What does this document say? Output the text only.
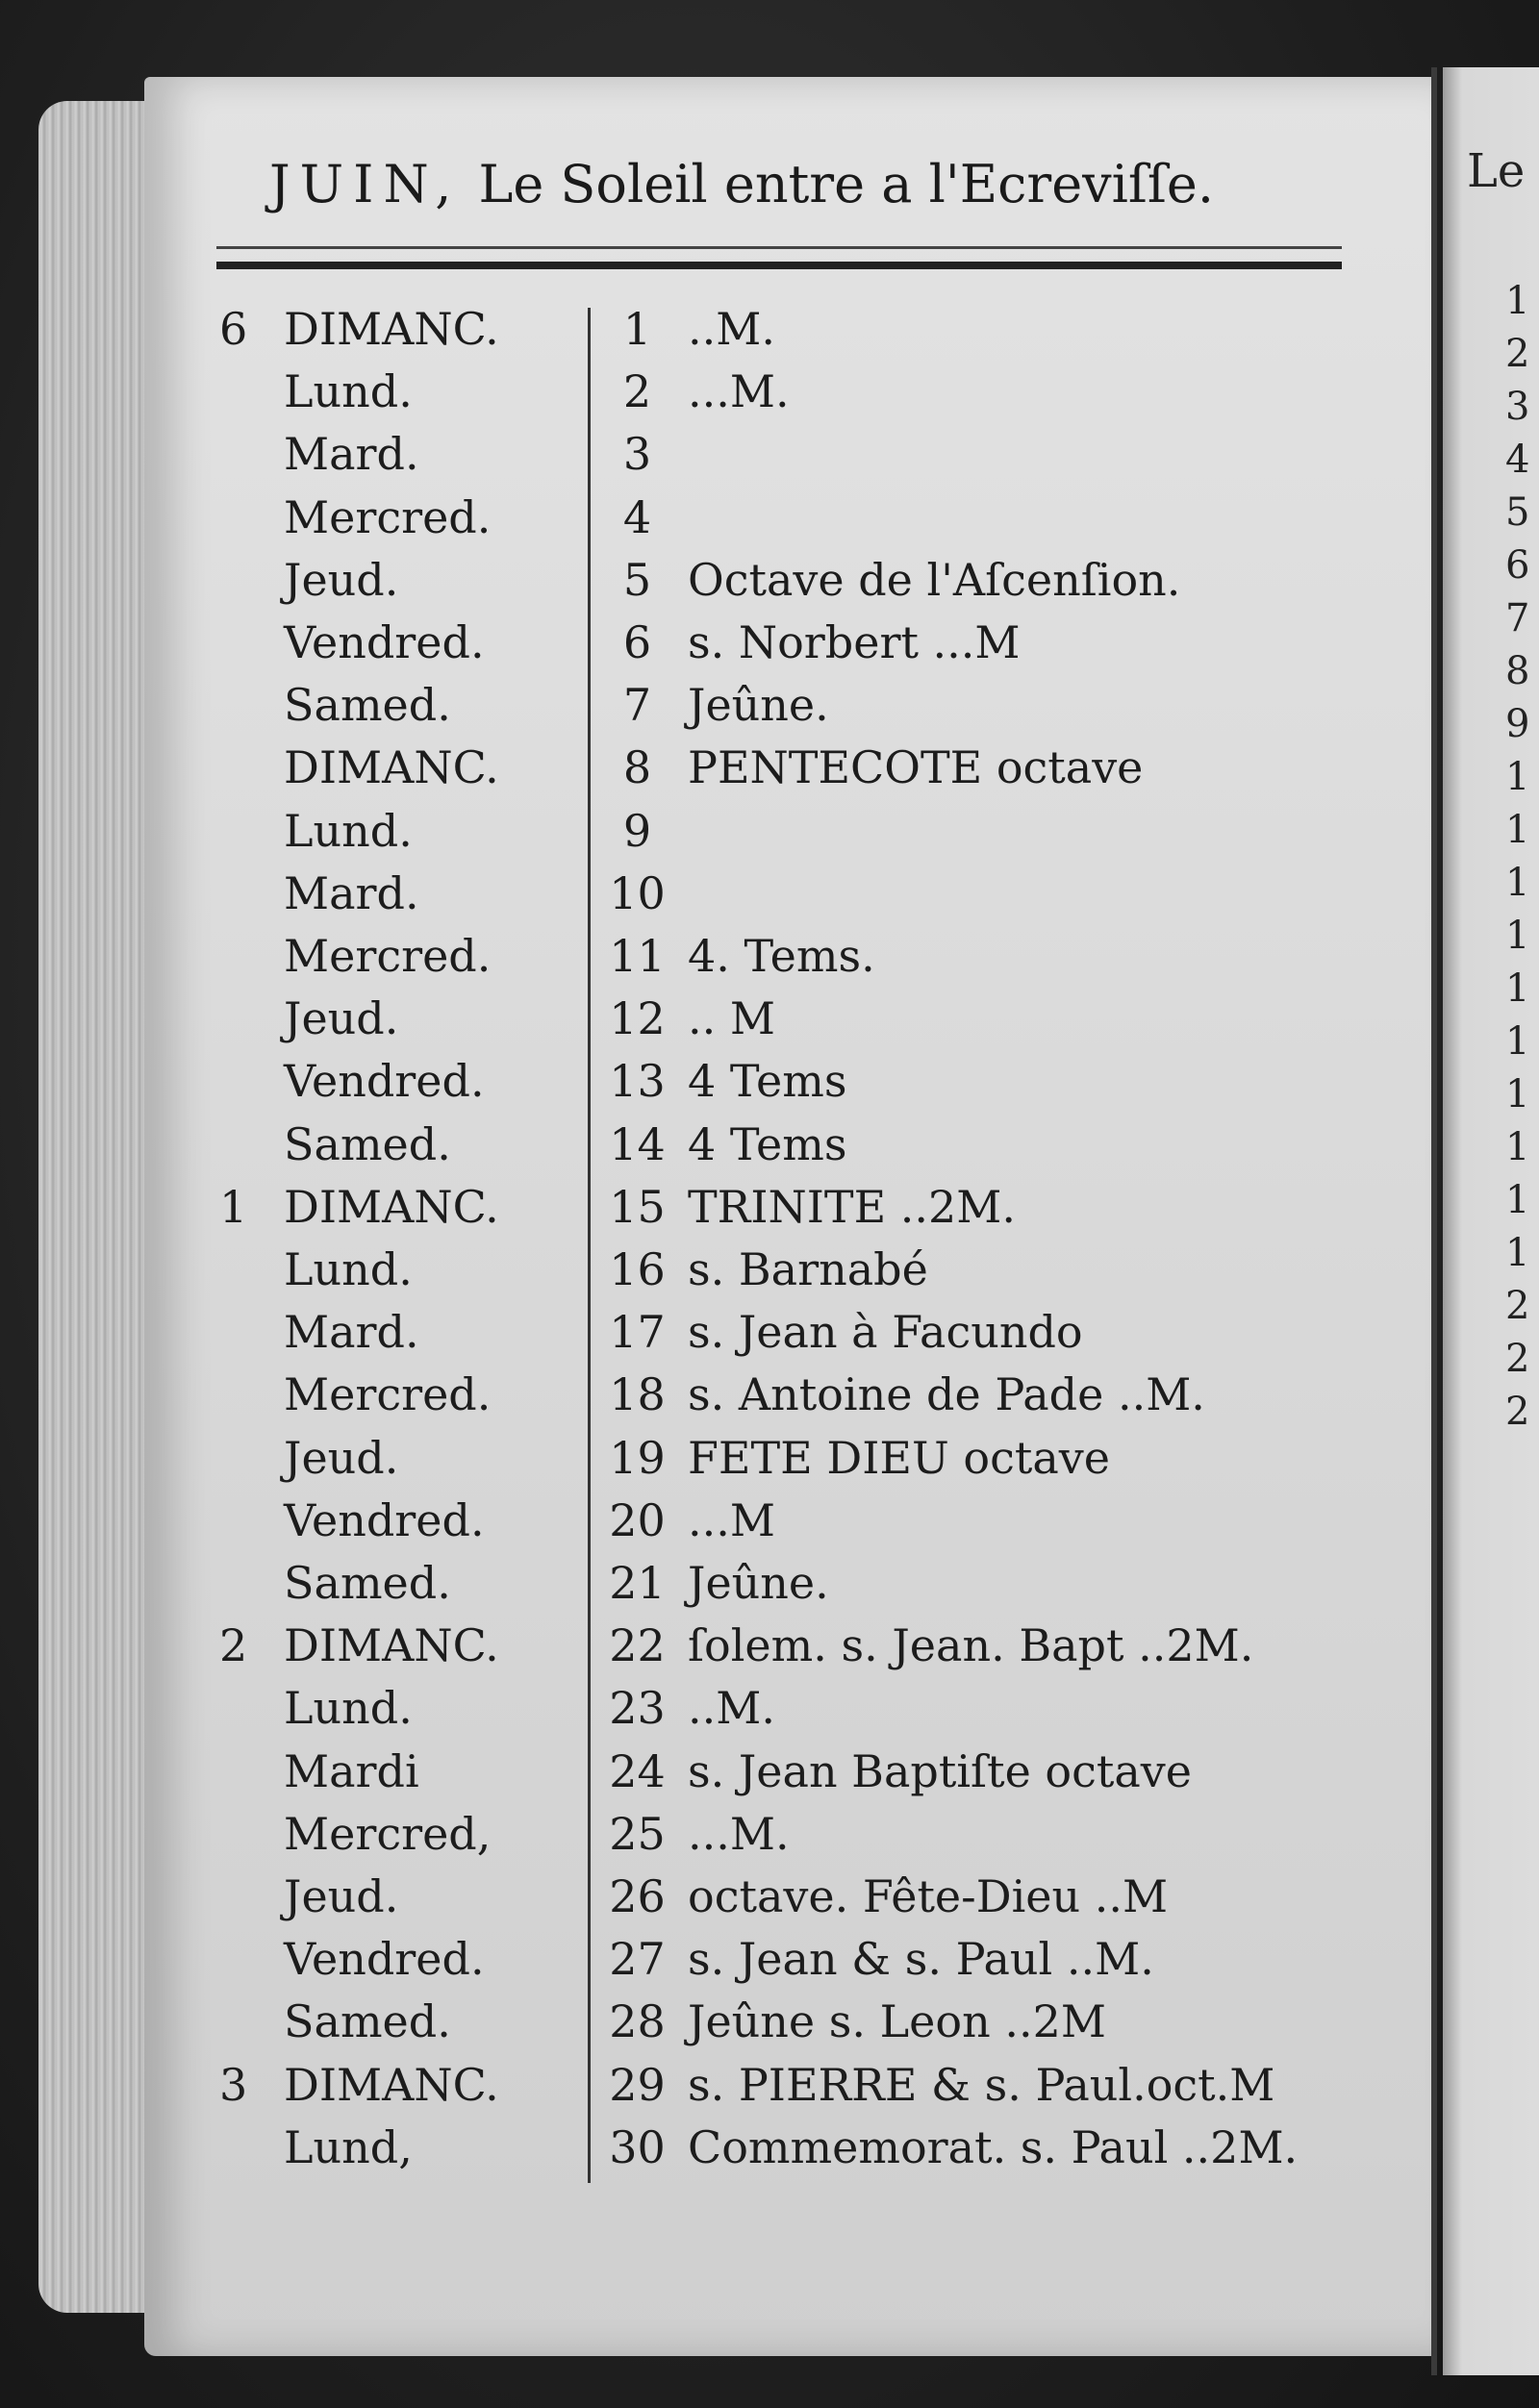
JUIN, Le Soleil entre a l'Ecreviſſe.
6 DIMANC.	1 ..M.
Lund.	2 ...M.
Mard.	3
Mercred.	4
Jeud.	5 Octave de l'Aſcenſion.
Vendred.	6 s. Norbert ...M
Samed.	7 Jeûne.
DIMANC.	8 PENTECOTE octave
Lund.	9
Mard.	10
Mercred.	11 4. Tems.
Jeud.	12 .. M
Vendred.	13 4 Tems
Samed.	14 4 Tems
1 DIMANC. 15 TRINITE ..2M.
Lund.	16 s. Barnabé
Mard.	17 s. Jean à Facundo
Mercred.	18 s. Antoine de Pade ..M.
Jeud.	19 FETE DIEU octave
Vendred.	20 ...M
Samed.	21 Jeûne.
2 DIMANC. 22 ſolem. s. Jean. Bapt ..2M.
Lund.	23 ..M.
Mardi	24 s. Jean Baptiſte octave
Mercred,	25 ...M.
Jeud.	26 octave. Fête-Dieu ..M
Vendred.	27 s. Jean & s. Paul ..M.
Samed.	28 Jeûne s. Leon ..2M
3 DIMANC. 29 s. PIERRE & s. Paul.oct.M
Lund,	30 Commemorat. s. Paul ..2M.
Le
1
2
3
4
5
6
7
8
9
1
1
1
1
1
1
1
1
1
1
2
2
2
